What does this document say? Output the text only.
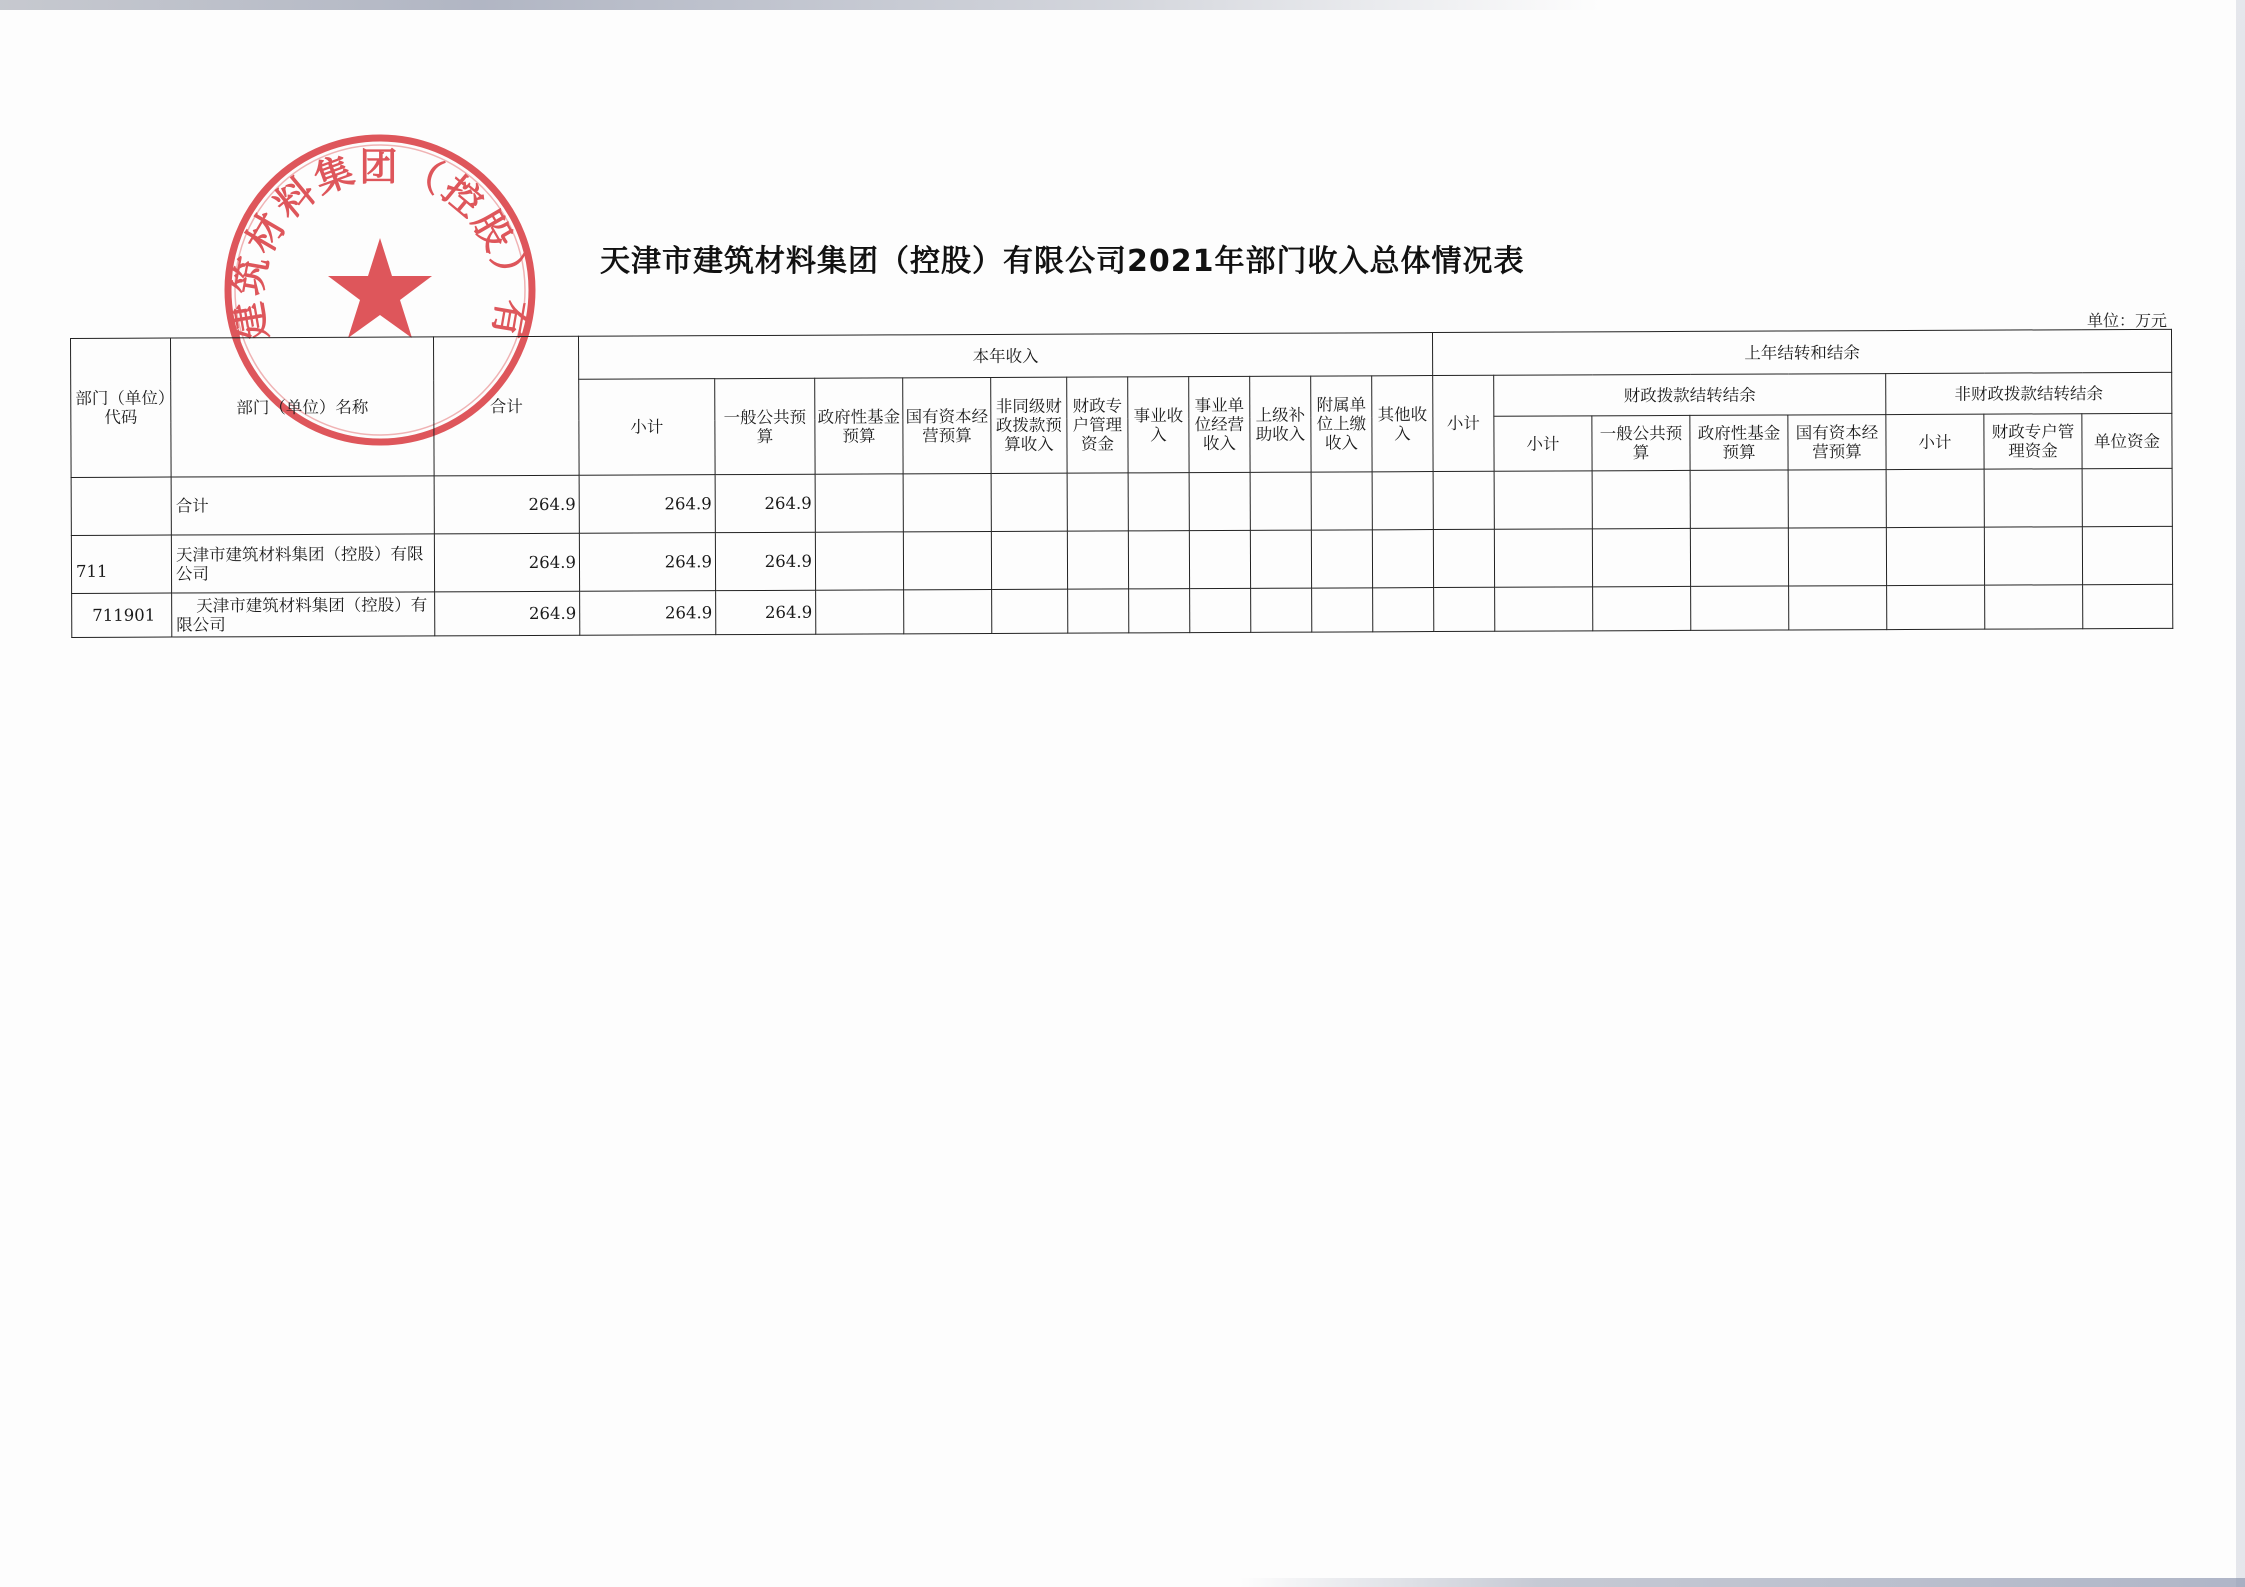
建筑材料集团（控股）有
天津市建筑材料集团（控股）有限公司2021年部门收入总体情况表
单位：万元
部门（单位）代码	部门（单位）名称	合计	本年收入											上年结转和结余							
			小计	一般公共预算	政府性基金预算	国有资本经营预算	非同级财政拨款预算收入	财政专户管理资金	事业收入	事业单位经营收入	上级补助收入	附属单位上缴收入	其他收入	小计	财政拨款结转结余				非财政拨款结转结余		
															小计	一般公共预算	政府性基金预算	国有资本经营预算	小计	财政专户管理资金	单位资金

	合计	264.9	264.9	264.9																	
711	天津市建筑材料集团（控股）有限公司	264.9	264.9	264.9																	
711901	天津市建筑材料集团（控股）有限公司	264.9	264.9	264.9																	
